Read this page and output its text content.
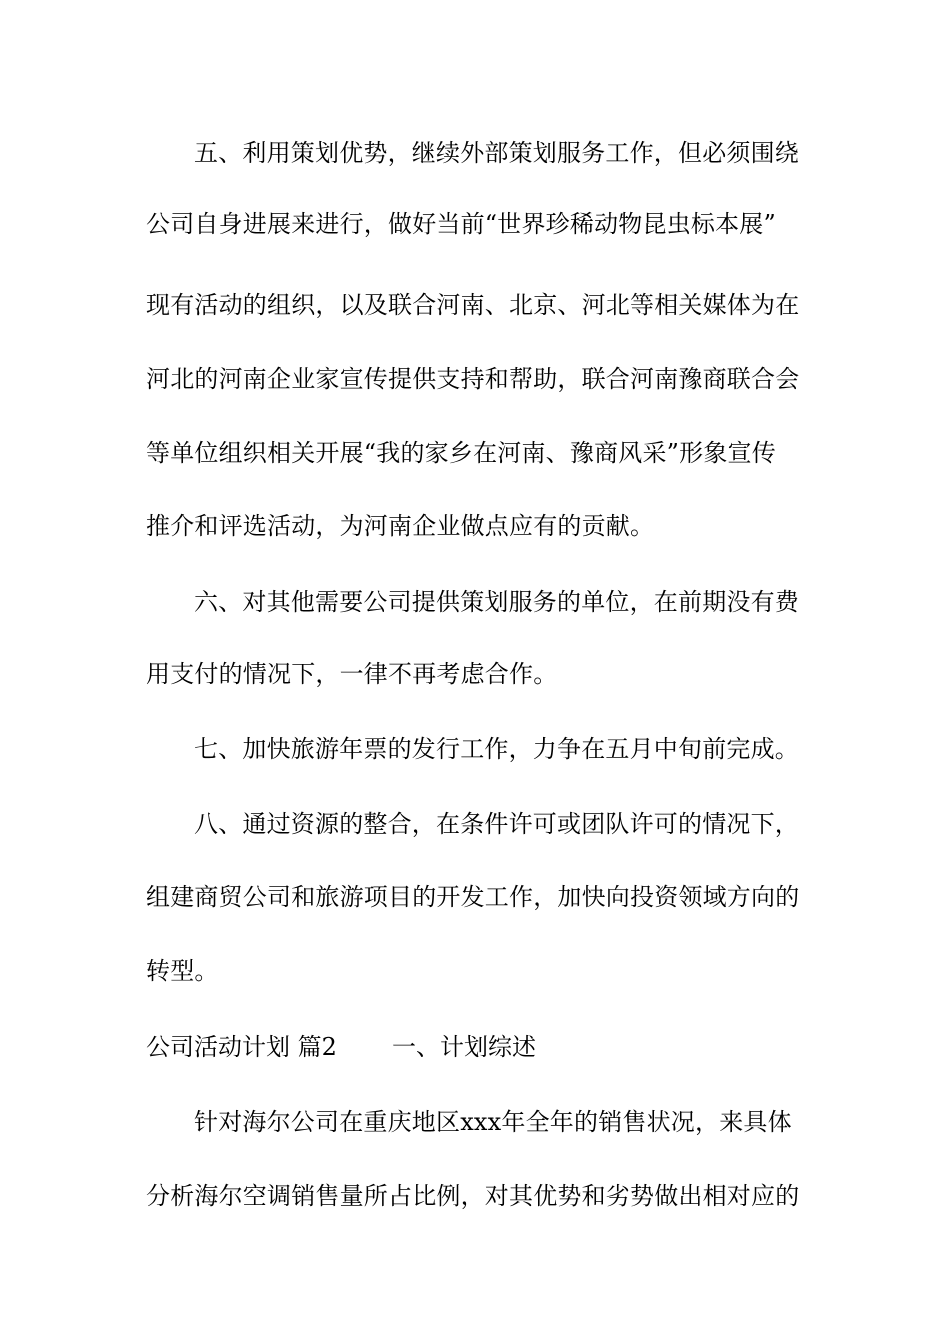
五、利用策划优势，继续外部策划服务工作，但必须围绕
公司自身进展来进行，做好当前“世界珍稀动物昆虫标本展”
现有活动的组织，以及联合河南、北京、河北等相关媒体为在
河北的河南企业家宣传提供支持和帮助，联合河南豫商联合会
等单位组织相关开展“我的家乡在河南、豫商风采”形象宣传
推介和评选活动，为河南企业做点应有的贡献。
六、对其他需要公司提供策划服务的单位，在前期没有费
用支付的情况下，一律不再考虑合作。
七、加快旅游年票的发行工作，力争在五月中旬前完成。
八、通过资源的整合，在条件许可或团队许可的情况下，
组建商贸公司和旅游项目的开发工作，加快向投资领域方向的
转型。
公司活动计划 篇2 一、计划综述
针对海尔公司在重庆地区xxx年全年的销售状况，来具体
分析海尔空调销售量所占比例，对其优势和劣势做出相对应的
